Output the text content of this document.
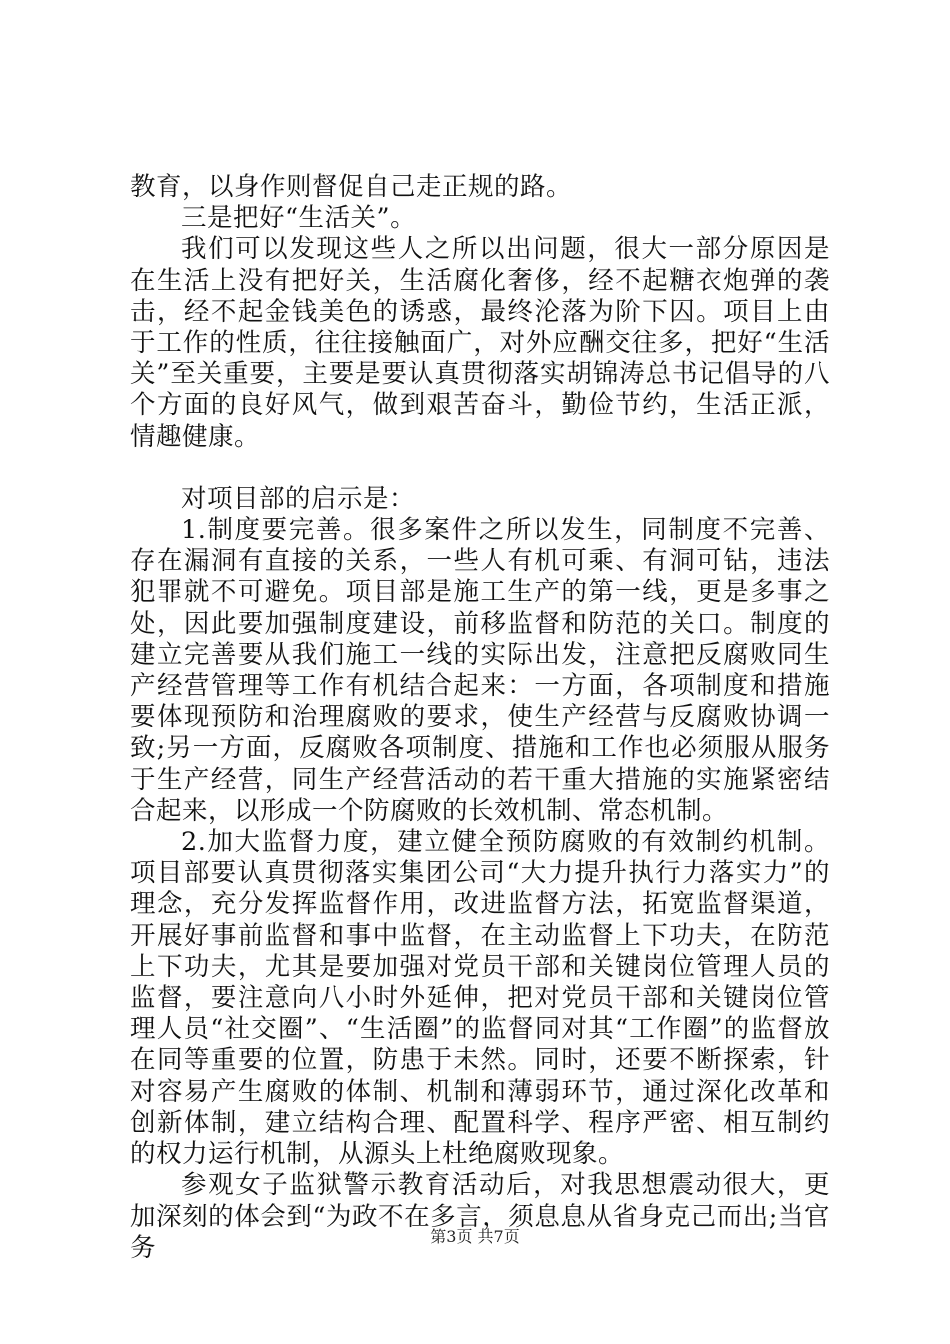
教育，以身作则督促自己走正规的路。

三是把好“生活关”。

我们可以发现这些人之所以出问题，很大一部分原因是在生活上没有把好关，生活腐化奢侈，经不起糖衣炮弹的袭击，经不起金钱美色的诱惑，最终沦落为阶下囚。项目上由于工作的性质，往往接触面广，对外应酬交往多，把好“生活关”至关重要，主要是要认真贯彻落实胡锦涛总书记倡导的八个方面的良好风气，做到艰苦奋斗，勤俭节约，生活正派，情趣健康。

对项目部的启示是：

1.制度要完善。很多案件之所以发生，同制度不完善、存在漏洞有直接的关系，一些人有机可乘、有洞可钻，违法犯罪就不可避免。项目部是施工生产的第一线，更是多事之处，因此要加强制度建设，前移监督和防范的关口。制度的建立完善要从我们施工一线的实际出发，注意把反腐败同生产经营管理等工作有机结合起来：一方面，各项制度和措施要体现预防和治理腐败的要求，使生产经营与反腐败协调一致;另一方面，反腐败各项制度、措施和工作也必须服从服务于生产经营，同生产经营活动的若干重大措施的实施紧密结合起来，以形成一个防腐败的长效机制、常态机制。

2.加大监督力度，建立健全预防腐败的有效制约机制。项目部要认真贯彻落实集团公司“大力提升执行力落实力”的理念，充分发挥监督作用，改进监督方法，拓宽监督渠道，开展好事前监督和事中监督，在主动监督上下功夫，在防范上下功夫，尤其是要加强对党员干部和关键岗位管理人员的监督，要注意向八小时外延伸，把对党员干部和关键岗位管理人员“社交圈”、“生活圈”的监督同对其“工作圈”的监督放在同等重要的位置，防患于未然。同时，还要不断探索，针对容易产生腐败的体制、机制和薄弱环节，通过深化改革和创新体制，建立结构合理、配置科学、程序严密、相互制约的权力运行机制，从源头上杜绝腐败现象。

参观女子监狱警示教育活动后，对我思想震动很大，更加深刻的体会到“为政不在多言，须息息从省身克己而出;当官务	第3页 共7页
